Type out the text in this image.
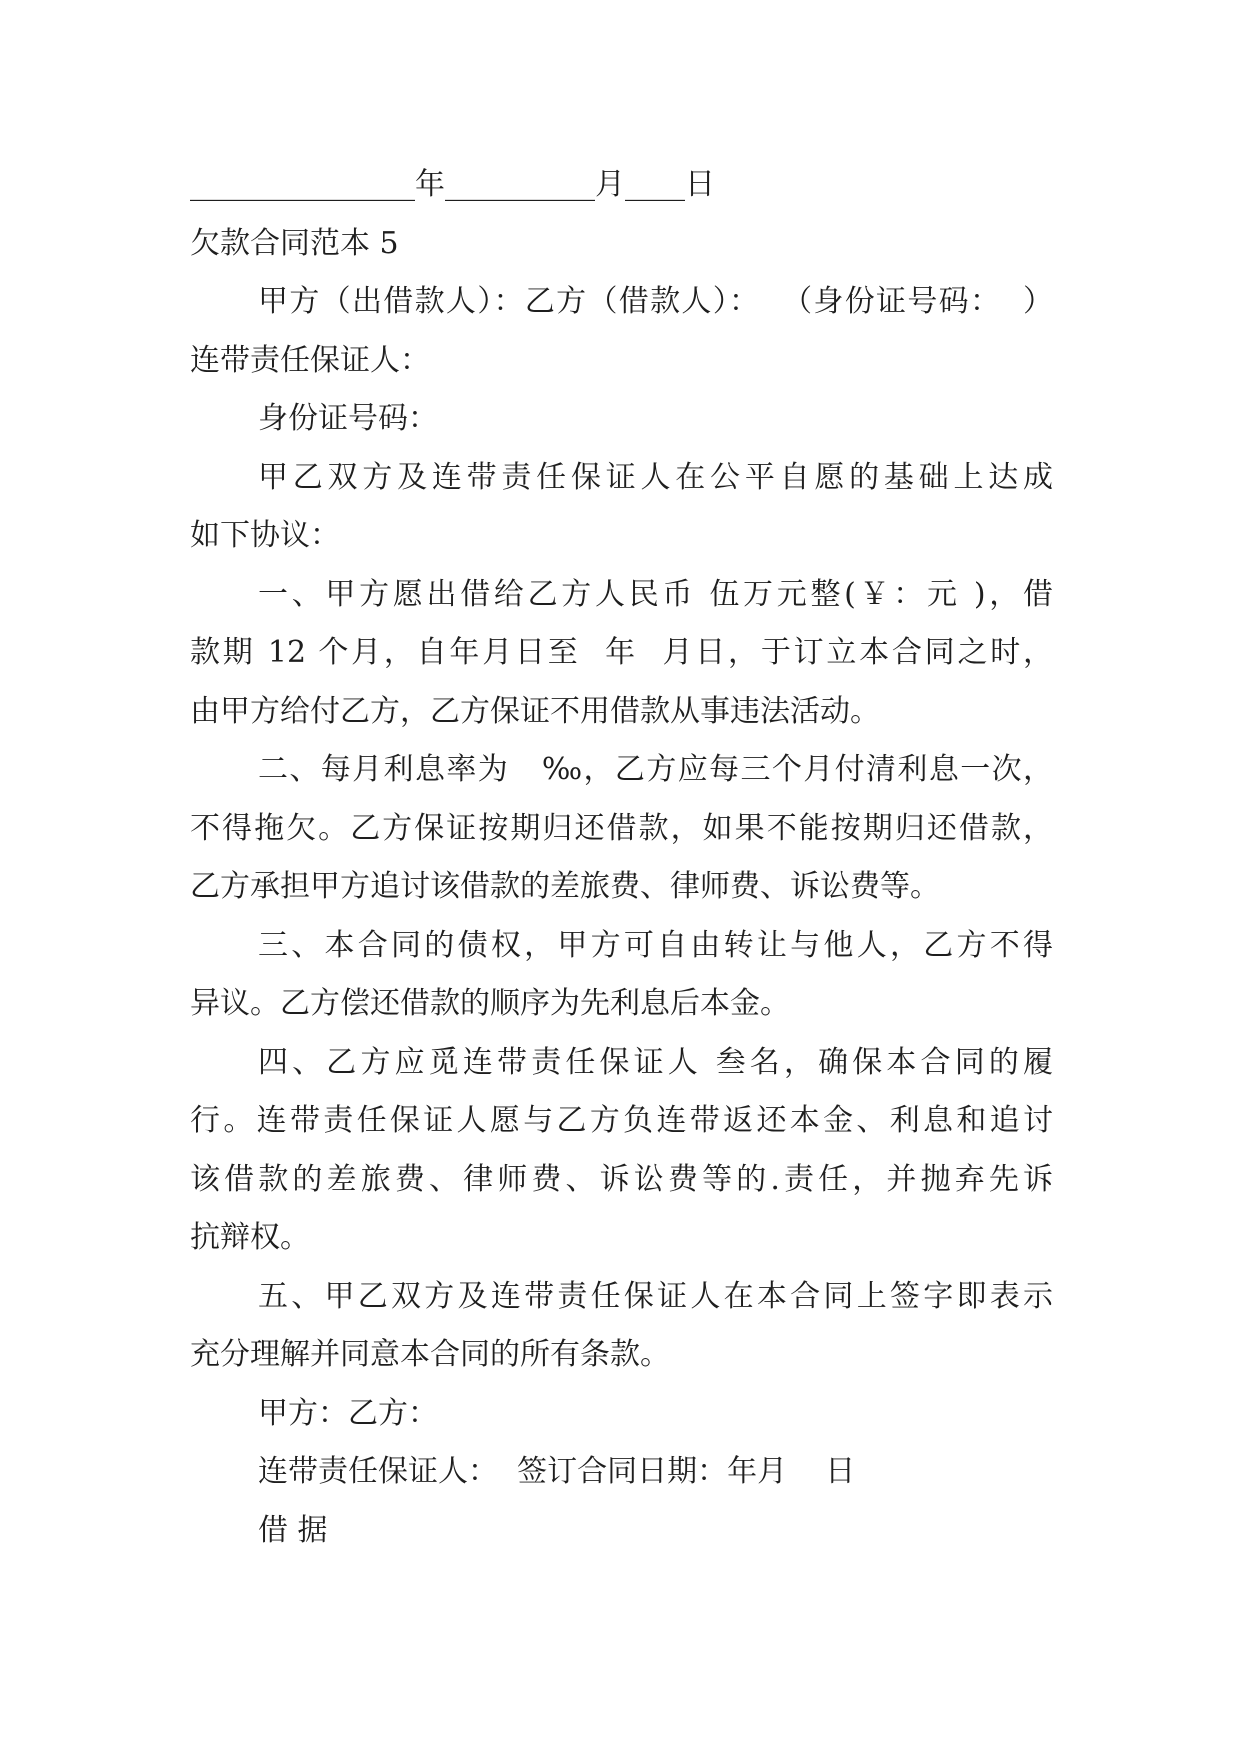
_______________年__________月____日
欠款合同范本 5
甲方（出借款人）：乙方（借款人）：  （身份证号码：  ）
连带责任保证人：
身份证号码：
甲乙双方及连带责任保证人在公平自愿的基础上达成
如下协议：
一、甲方愿出借给乙方人民币 伍万元整(￥：元 )，借
款期 12 个月，自年月日至  年  月日，于订立本合同之时，
由甲方给付乙方，乙方保证不用借款从事违法活动。
二、每月利息率为   ‰，乙方应每三个月付清利息一次，
不得拖欠。乙方保证按期归还借款，如果不能按期归还借款，
乙方承担甲方追讨该借款的差旅费、律师费、诉讼费等。
三、本合同的债权，甲方可自由转让与他人，乙方不得
异议。乙方偿还借款的顺序为先利息后本金。
四、乙方应觅连带责任保证人 叁名，确保本合同的履
行。连带责任保证人愿与乙方负连带返还本金、利息和追讨
该借款的差旅费、律师费、诉讼费等的.责任，并抛弃先诉
抗辩权。
五、甲乙双方及连带责任保证人在本合同上签字即表示
充分理解并同意本合同的所有条款。
甲方：乙方：
连带责任保证人：  签订合同日期：年月    日
借 据
